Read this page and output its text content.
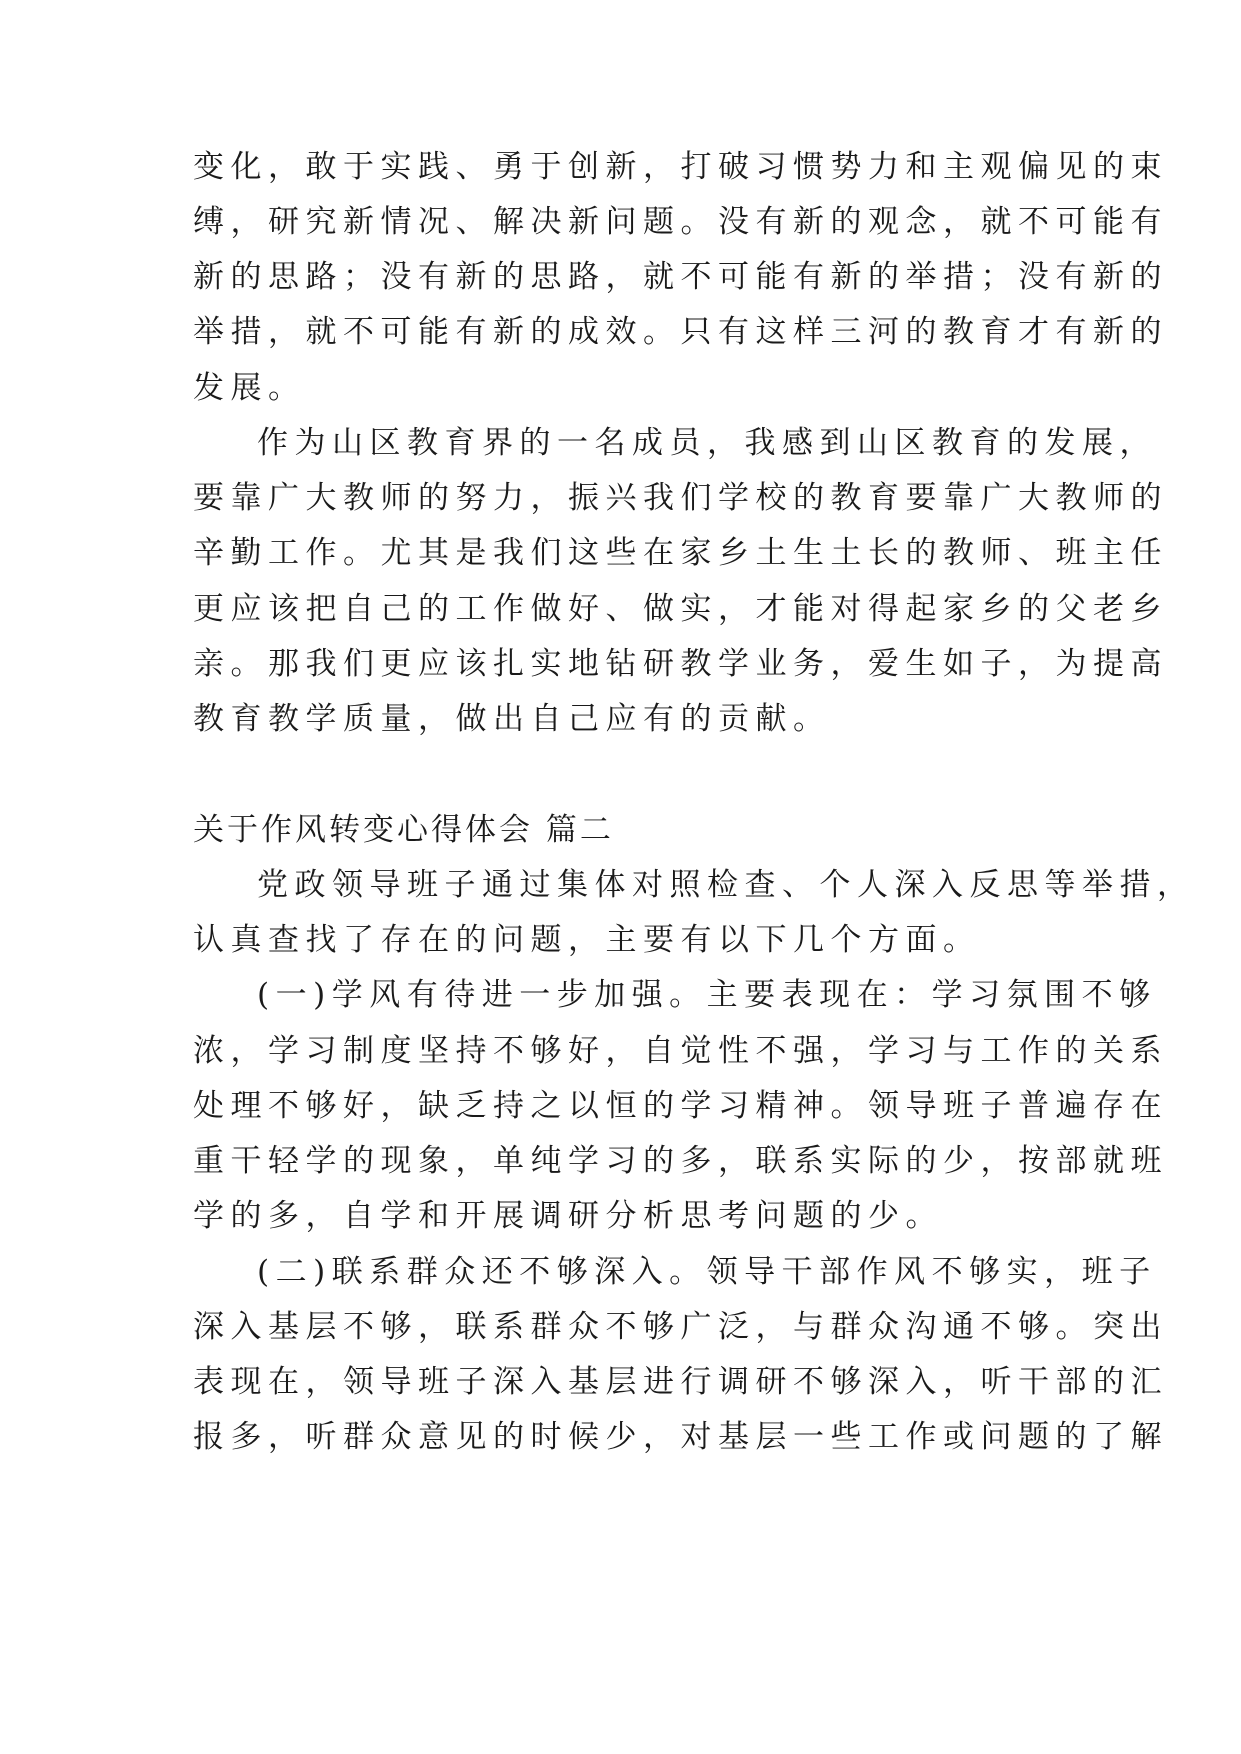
变化，敢于实践、勇于创新，打破习惯势力和主观偏见的束
缚，研究新情况、解决新问题。没有新的观念，就不可能有
新的思路；没有新的思路，就不可能有新的举措；没有新的
举措，就不可能有新的成效。只有这样三河的教育才有新的
发展。
作为山区教育界的一名成员，我感到山区教育的发展，
要靠广大教师的努力，振兴我们学校的教育要靠广大教师的
辛勤工作。尤其是我们这些在家乡土生土长的教师、班主任
更应该把自己的工作做好、做实，才能对得起家乡的父老乡
亲。那我们更应该扎实地钻研教学业务，爱生如子，为提高
教育教学质量，做出自己应有的贡献。
关于作风转变心得体会 篇二
党政领导班子通过集体对照检查、个人深入反思等举措，
认真查找了存在的问题，主要有以下几个方面。
(一)学风有待进一步加强。主要表现在：学习氛围不够
浓，学习制度坚持不够好，自觉性不强，学习与工作的关系
处理不够好，缺乏持之以恒的学习精神。领导班子普遍存在
重干轻学的现象，单纯学习的多，联系实际的少，按部就班
学的多，自学和开展调研分析思考问题的少。
(二)联系群众还不够深入。领导干部作风不够实，班子
深入基层不够，联系群众不够广泛，与群众沟通不够。突出
表现在，领导班子深入基层进行调研不够深入，听干部的汇
报多，听群众意见的时候少，对基层一些工作或问题的了解
